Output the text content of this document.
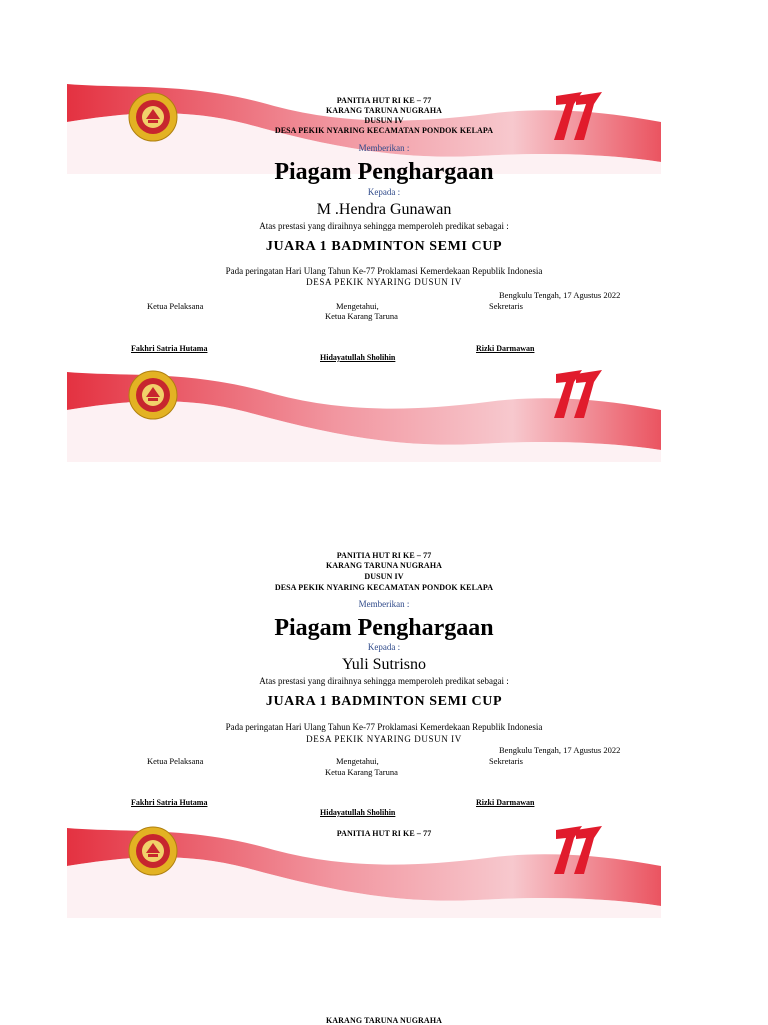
PANITIA HUT RI KE – 77
KARANG TARUNA NUGRAHA
DUSUN IV
DESA PEKIK NYARING KECAMATAN PONDOK KELAPA
Memberikan :
Piagam Penghargaan
Kepada :
M .Hendra Gunawan
Atas prestasi yang diraihnya sehingga memperoleh predikat sebagai :
JUARA 1 BADMINTON SEMI CUP
Pada peringatan Hari Ulang Tahun Ke-77 Proklamasi Kemerdekaan Republik Indonesia
DESA PEKIK NYARING DUSUN IV
Bengkulu Tengah, 17 Agustus 2022
Ketua Pelaksana	Mengetahui,	Sekretaris
Ketua Karang Taruna
Fakhri Satria Hutama	Rizki Darmawan
Hidayatullah Sholihin
PANITIA HUT RI KE – 77
KARANG TARUNA NUGRAHA
DUSUN IV
DESA PEKIK NYARING KECAMATAN PONDOK KELAPA
Memberikan :
Piagam Penghargaan
Kepada :
Yuli Sutrisno
Atas prestasi yang diraihnya sehingga memperoleh predikat sebagai :
JUARA 1 BADMINTON SEMI CUP
Pada peringatan Hari Ulang Tahun Ke-77 Proklamasi Kemerdekaan Republik Indonesia
DESA PEKIK NYARING DUSUN IV
Bengkulu Tengah, 17 Agustus 2022
Ketua Pelaksana	Mengetahui,	Sekretaris
Ketua Karang Taruna
Fakhri Satria Hutama	Rizki Darmawan
Hidayatullah Sholihin
PANITIA HUT RI KE – 77
KARANG TARUNA NUGRAHA
